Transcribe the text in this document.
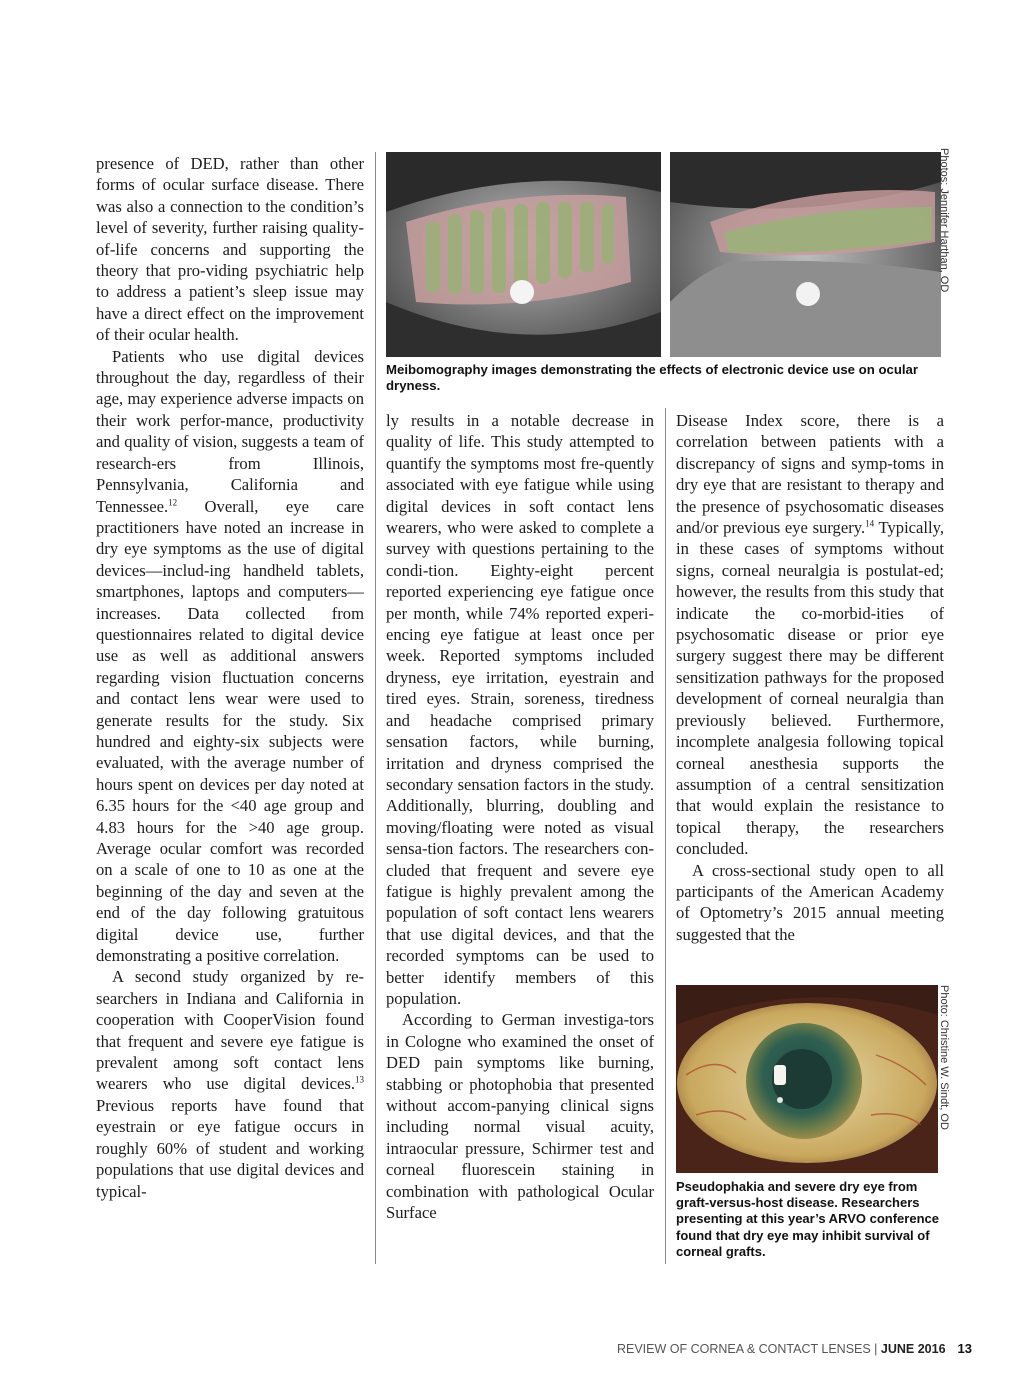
presence of DED, rather than other forms of ocular surface disease. There was also a connection to the condition’s level of severity, further raising quality-of-life concerns and supporting the theory that pro-viding psychiatric help to address a patient’s sleep issue may have a direct effect on the improvement of their ocular health.

Patients who use digital devices throughout the day, regardless of their age, may experience adverse impacts on their work perfor-mance, productivity and quality of vision, suggests a team of research-ers from Illinois, Pennsylvania, California and Tennessee.$^{12}$ Overall, eye care practitioners have noted an increase in dry eye symptoms as the use of digital devices—includ-ing handheld tablets, smartphones, laptops and computers—increases. Data collected from questionnaires related to digital device use as well as additional answers regarding vision fluctuation concerns and contact lens wear were used to generate results for the study. Six hundred and eighty-six subjects were evaluated, with the average number of hours spent on devices per day noted at 6.35 hours for the <40 age group and 4.83 hours for the >40 age group. Average ocular comfort was recorded on a scale of one to 10 as one at the beginning of the day and seven at the end of the day following gratuitous digital device use, further demonstrating a positive correlation.

A second study organized by re-searchers in Indiana and California in cooperation with CooperVision found that frequent and severe eye fatigue is prevalent among soft contact lens wearers who use digital devices.$^{13}$ Previous reports have found that eyestrain or eye fatigue occurs in roughly 60% of student and working populations that use digital devices and typical-

Photos: Jennifer Harthan, OD
Meibomography images demonstrating the effects of electronic device use on ocular dryness.

ly results in a notable decrease in quality of life. This study attempted to quantify the symptoms most fre-quently associated with eye fatigue while using digital devices in soft contact lens wearers, who were asked to complete a survey with questions pertaining to the condi-tion. Eighty-eight percent reported experiencing eye fatigue once per month, while 74% reported experi-encing eye fatigue at least once per week. Reported symptoms included dryness, eye irritation, eyestrain and tired eyes. Strain, soreness, tiredness and headache comprised primary sensation factors, while burning, irritation and dryness comprised the secondary sensation factors in the study. Additionally, blurring, doubling and moving/floating were noted as visual sensa-tion factors. The researchers con-cluded that frequent and severe eye fatigue is highly prevalent among the population of soft contact lens wearers that use digital devices, and that the recorded symptoms can be used to better identify members of this population.

According to German investiga-tors in Cologne who examined the onset of DED pain symptoms like burning, stabbing or photophobia that presented without accom-panying clinical signs including normal visual acuity, intraocular pressure, Schirmer test and corneal fluorescein staining in combination with pathological Ocular Surface

Disease Index score, there is a correlation between patients with a discrepancy of signs and symp-toms in dry eye that are resistant to therapy and the presence of psychosomatic diseases and/or previous eye surgery.$^{14}$ Typically, in these cases of symptoms without signs, corneal neuralgia is postulat-ed; however, the results from this study that indicate the co-morbid-ities of psychosomatic disease or prior eye surgery suggest there may be different sensitization pathways for the proposed development of corneal neuralgia than previously believed. Furthermore, incomplete analgesia following topical corneal anesthesia supports the assumption of a central sensitization that would explain the resistance to topical therapy, the researchers concluded.

A cross-sectional study open to all participants of the American Academy of Optometry’s 2015 annual meeting suggested that the

Photo: Christine W. Sindt, OD
Pseudophakia and severe dry eye from graft-versus-host disease. Researchers presenting at this year’s ARVO conference found that dry eye may inhibit survival of corneal grafts.
REVIEW OF CORNEA & CONTACT LENSES | JUNE 2016 13
